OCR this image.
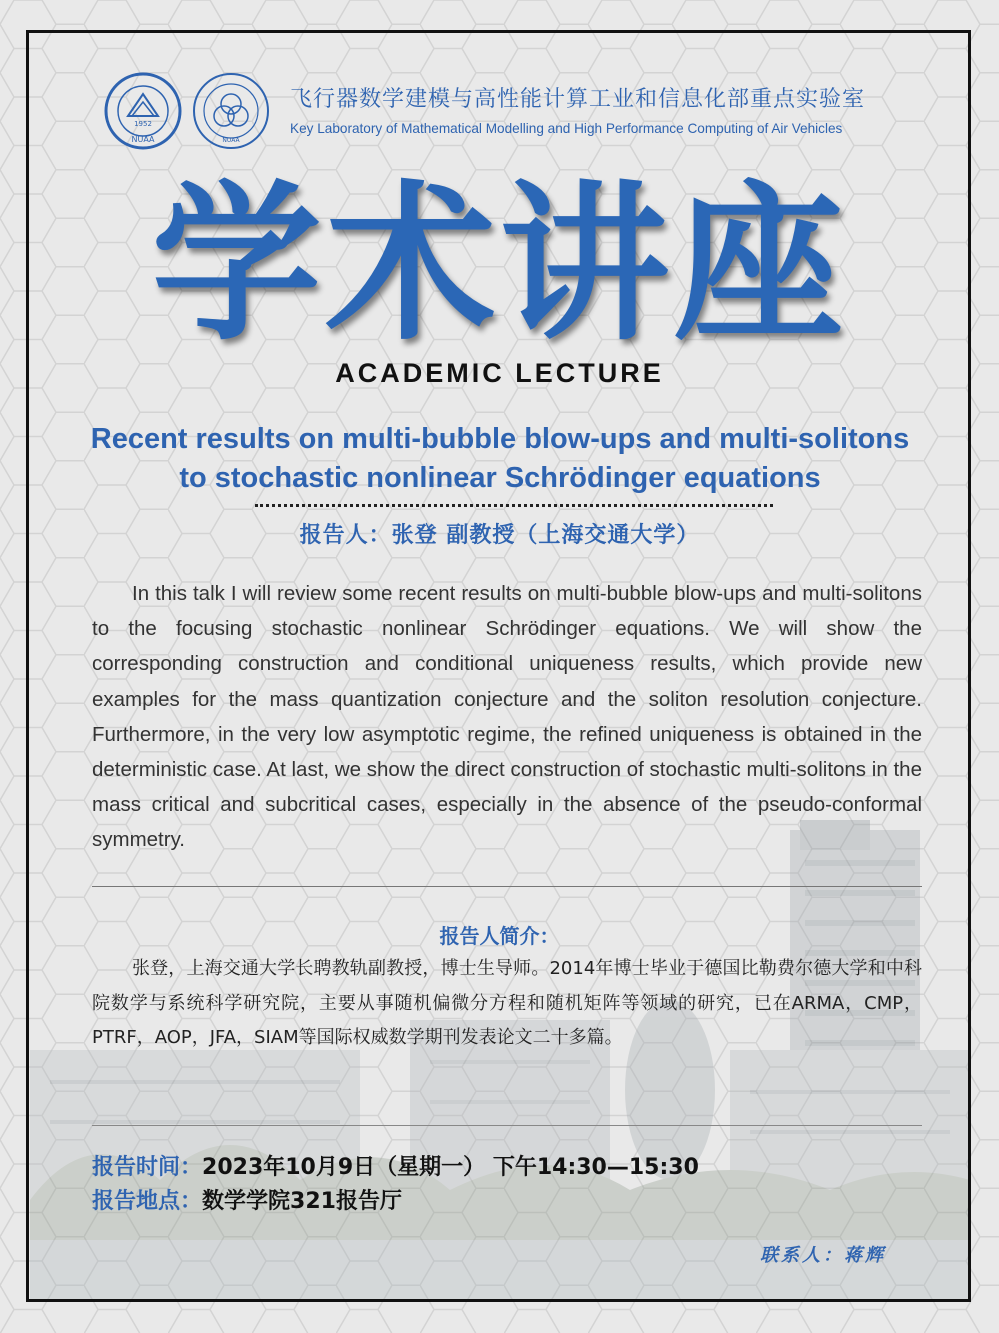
1952
NUAA	NUAA
飞行器数学建模与高性能计算工业和信息化部重点实验室
Key Laboratory of Mathematical Modelling and High Performance Computing of Air Vehicles
学术讲座
ACADEMIC LECTURE
Recent results on multi-bubble blow-ups and multi-solitons
to stochastic nonlinear Schrödinger equations
报告人：张登 副教授（上海交通大学）
In this talk I will review some recent results on multi-bubble blow-ups and multi-solitons to the focusing stochastic nonlinear Schrödinger equations. We will show the corresponding construction and conditional uniqueness results, which provide new examples for the mass quantization conjecture and the soliton resolution conjecture. Furthermore, in the very low asymptotic regime, the refined uniqueness is obtained in the deterministic case. At last, we show the direct construction of stochastic multi-solitons in the mass critical and subcritical cases, especially in the absence of the pseudo-conformal symmetry.
报告人简介：
张登，上海交通大学长聘教轨副教授，博士生导师。2014年博士毕业于德国比勒费尔德大学和中科院数学与系统科学研究院，主要从事随机偏微分方程和随机矩阵等领域的研究，已在ARMA，CMP，PTRF，AOP，JFA，SIAM等国际权威数学期刊发表论文二十多篇。
报告时间：2023年10月9日（星期一） 下午14:30—15:30
报告地点：数学学院321报告厅
联系人：蒋辉
